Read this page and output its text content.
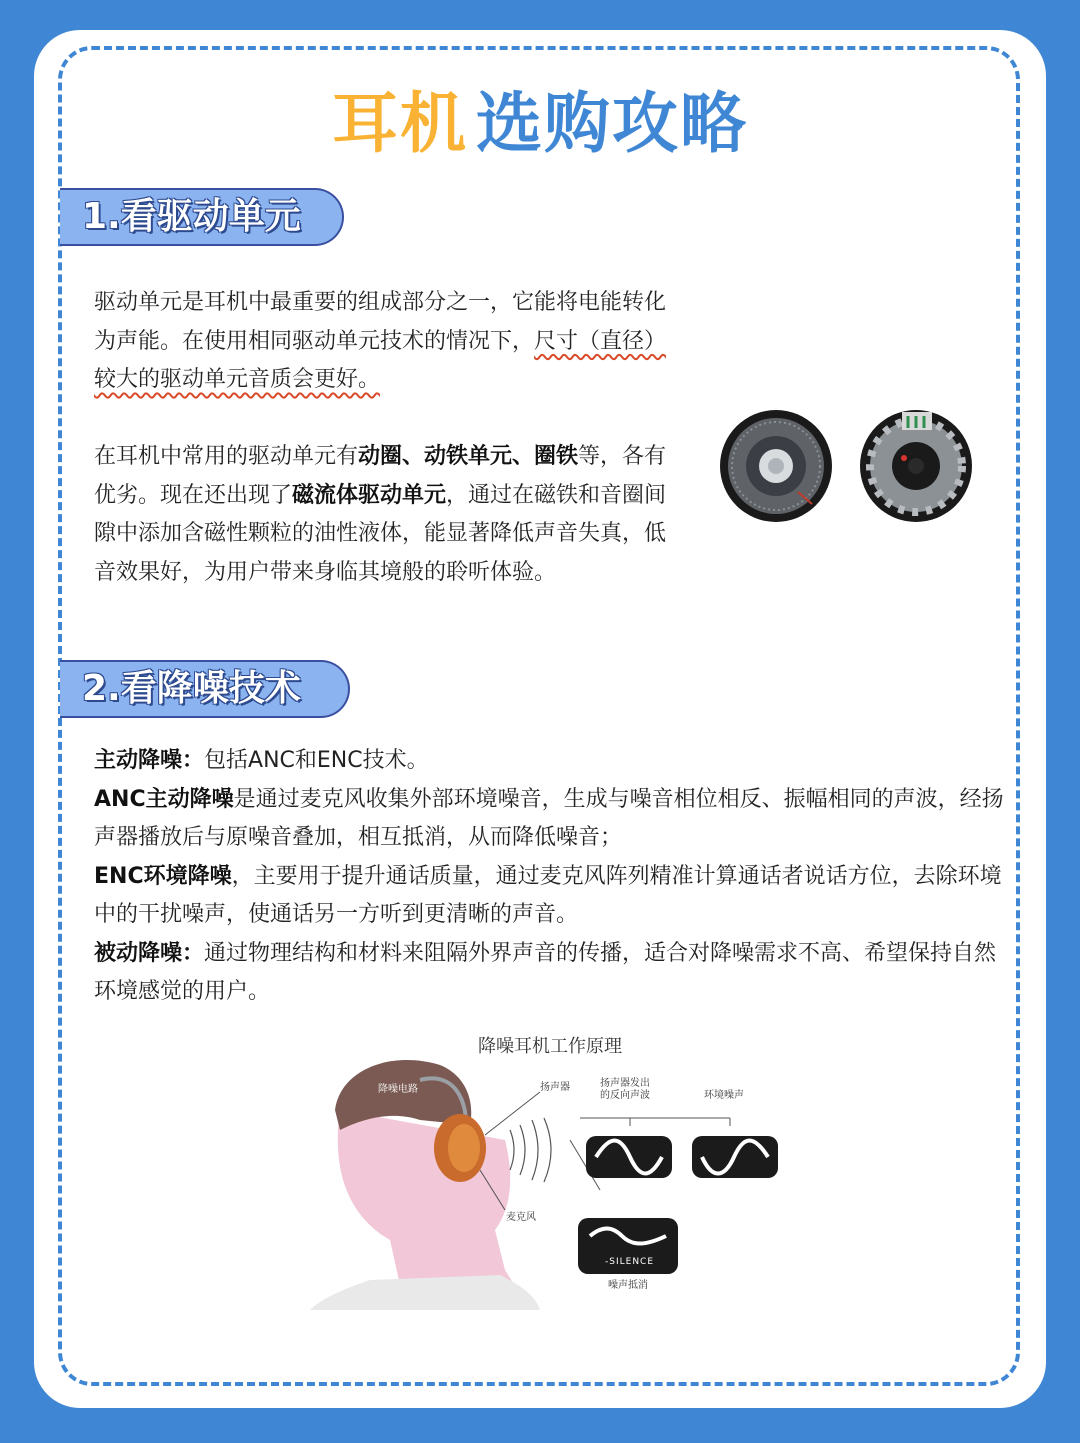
耳机 选购攻略
1.看驱动单元

驱动单元是耳机中最重要的组成部分之一，它能将电能转化为声能。在使用相同驱动单元技术的情况下，尺寸（直径）较大的驱动单元音质会更好。

在耳机中常用的驱动单元有动圈、动铁单元、圈铁等，各有优劣。现在还出现了磁流体驱动单元，通过在磁铁和音圈间隙中添加含磁性颗粒的油性液体，能显著降低声音失真，低音效果好，为用户带来身临其境般的聆听体验。

2.看降噪技术

主动降噪：包括ANC和ENC技术。
ANC主动降噪是通过麦克风收集外部环境噪音，生成与噪音相位相反、振幅相同的声波，经扬声器播放后与原噪音叠加，相互抵消，从而降低噪音；
ENC环境降噪，主要用于提升通话质量，通过麦克风阵列精准计算通话者说话方位，去除环境中的干扰噪声，使通话另一方听到更清晰的声音。
被动降噪：通过物理结构和材料来阻隔外界声音的传播，适合对降噪需求不高、希望保持自然环境感觉的用户。

降噪耳机工作原理
降噪电路	扬声器	扬声器发出
的反向声波	环境噪声
麦克风
-SILENCE
噪声抵消
